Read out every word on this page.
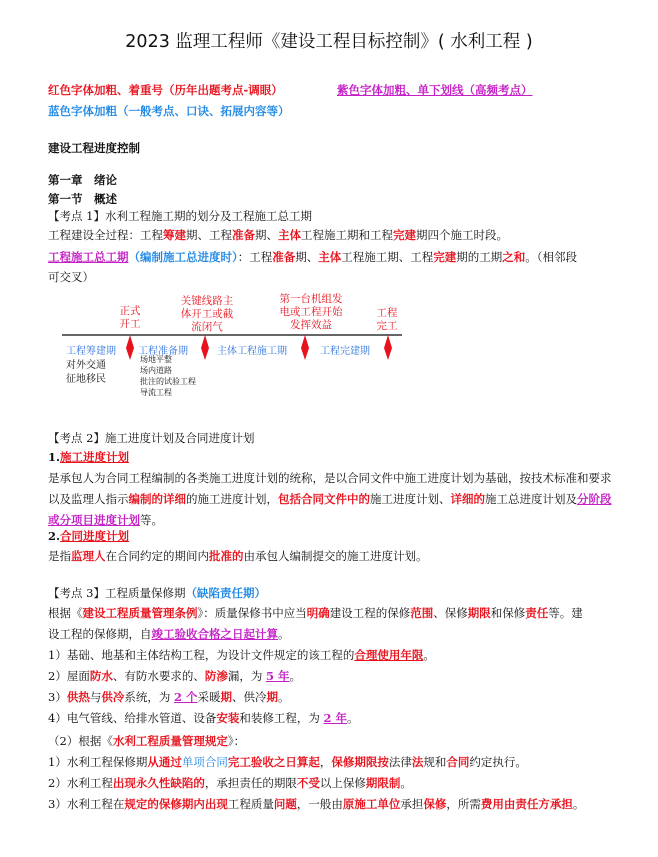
2023 监理工程师《建设工程目标控制》( 水利工程 )
红色字体加粗、着重号（历年出题考点-调眼）	紫色字体加粗、单下划线（高频考点）
蓝色字体加粗（一般考点、口诀、拓展内容等）
建设工程进度控制
第一章　绪论
第一节　概述
【考点 1】水利工程施工期的划分及工程施工总工期
工程建设全过程：工程筹建期、工程准备期、主体工程施工期和工程完建期四个施工时段。
工程施工总工期（编制施工总进度时）：工程准备期、主体工程施工期、工程完建期的工期之和。（相邻段
可交叉）
正式
开工
关键线路主
体开工或截
流闭气
第一台机组发
电或工程开始
发挥效益
工程
完工
工程筹建期 工程准备期	主体工程施工期	工程完建期
对外交通
征地移民
场地平整
场内道路
批注的试验工程
导流工程
【考点 2】施工进度计划及合同进度计划
1.施工进度计划
是承包人为合同工程编制的各类施工进度计划的统称，是以合同文件中施工进度计划为基础，按技术标准和要求以及监理人指示编制的详细的施工进度计划，包括合同文件中的施工进度计划、详细的施工总进度计划及分阶段或分项目进度计划等。
2.合同进度计划
是指监理人在合同约定的期间内批准的由承包人编制提交的施工进度计划。
【考点 3】工程质量保修期（缺陷责任期）
根据《建设工程质量管理条例》：质量保修书中应当明确建设工程的保修范围、保修期限和保修责任等。建
设工程的保修期，自竣工验收合格之日起计算。
1）基础、地基和主体结构工程，为设计文件规定的该工程的合理使用年限。
2）屋面防水、有防水要求的、防渗漏，为 5 年。
3）供热与供冷系统，为 2 个采暖期、供冷期。
4）电气管线、给排水管道、设备安装和装修工程，为 2 年。
（2）根据《水利工程质量管理规定》：
1）水利工程保修期从通过单项合同完工验收之日算起，保修期限按法律法规和合同约定执行。
2）水利工程出现永久性缺陷的，承担责任的期限不受以上保修期限制。
3）水利工程在规定的保修期内出现工程质量问题，一般由原施工单位承担保修，所需费用由责任方承担。
